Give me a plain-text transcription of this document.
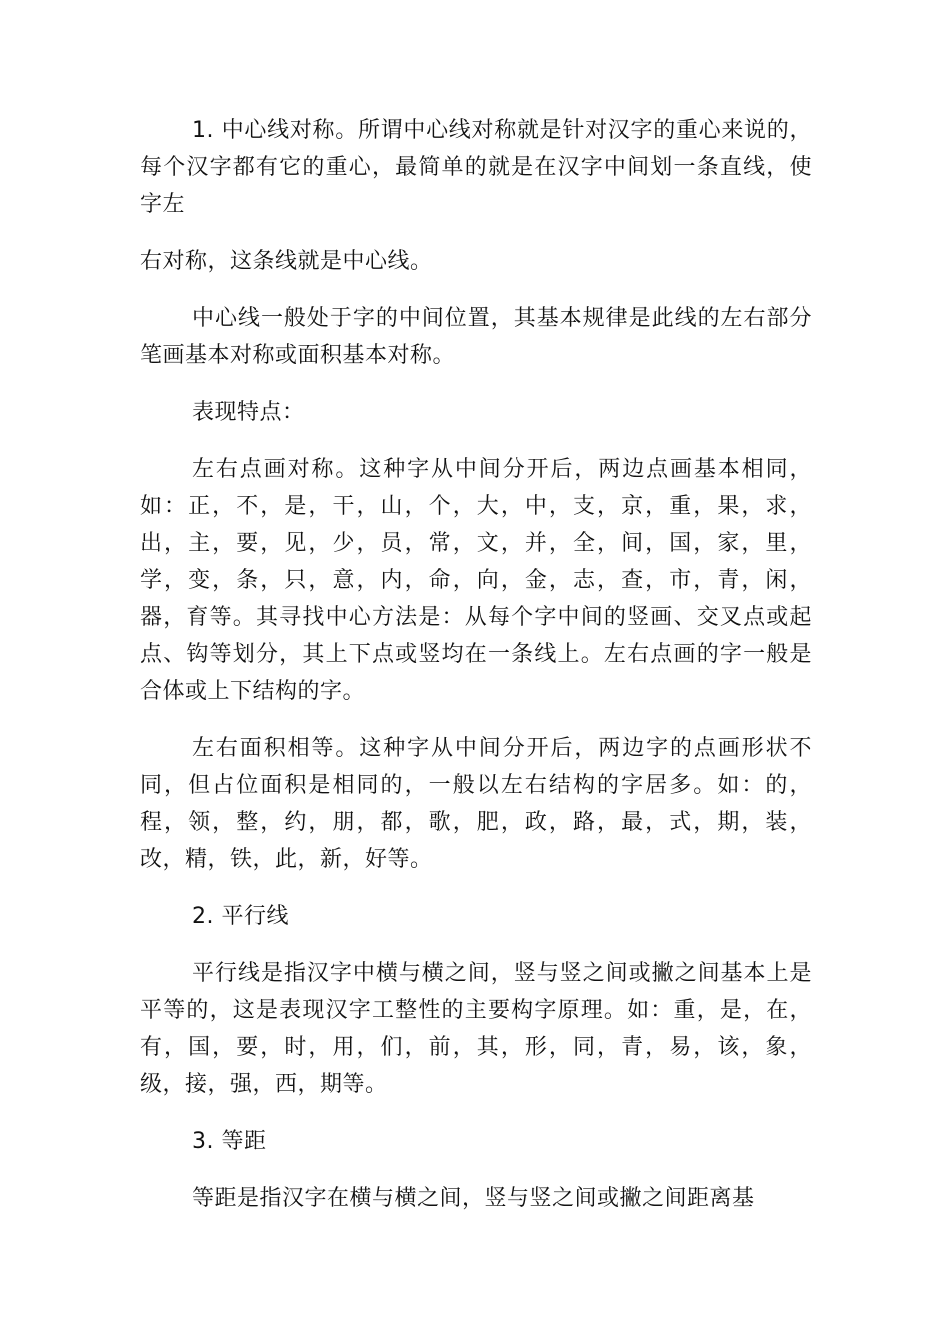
1. 中心线对称。所谓中心线对称就是针对汉字的重心来说的，每个汉字都有它的重心，最简单的就是在汉字中间划一条直线，使字左

右对称，这条线就是中心线。

中心线一般处于字的中间位置，其基本规律是此线的左右部分笔画基本对称或面积基本对称。

表现特点：

左右点画对称。这种字从中间分开后，两边点画基本相同，如：正，不，是，干，山，个，大，中，支，京，重，果，求，出，主，要，见，少，员，常，文，并，全，间，国，家，里，学，变，条，只，意，内，命，向，金，志，查，市，青，闲，器，育等。其寻找中心方法是：从每个字中间的竖画、交叉点或起点、钩等划分，其上下点或竖均在一条线上。左右点画的字一般是合体或上下结构的字。

左右面积相等。这种字从中间分开后，两边字的点画形状不同，但占位面积是相同的，一般以左右结构的字居多。如：的，程，领，整，约，朋，都，歌，肥，政，路，最，式，期，装，改，精，铁，此，新，好等。

2. 平行线

平行线是指汉字中横与横之间，竖与竖之间或撇之间基本上是平等的，这是表现汉字工整性的主要构字原理。如：重，是，在，有，国，要，时，用，们，前，其，形，同，青，易，该，象，级，接，强，西，期等。

3. 等距

等距是指汉字在横与横之间，竖与竖之间或撇之间距离基
